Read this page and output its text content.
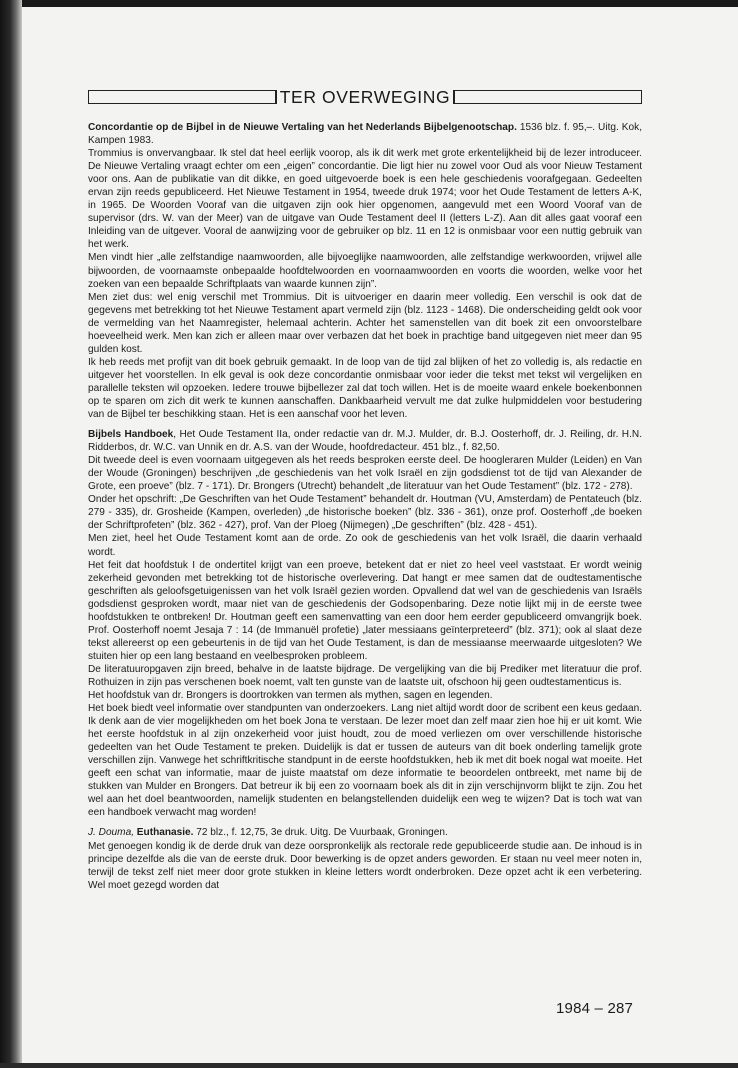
TER OVERWEGING

Concordantie op de Bijbel in de Nieuwe Vertaling van het Nederlands Bijbelgenootschap. 1536 blz. f. 95,–. Uitg. Kok, Kampen 1983.

Trommius is onvervangbaar. Ik stel dat heel eerlijk voorop, als ik dit werk met grote erkentelijkheid bij de lezer introduceer. De Nieuwe Vertaling vraagt echter om een „eigen” concordantie. Die ligt hier nu zowel voor Oud als voor Nieuw Testament voor ons. Aan de publikatie van dit dikke, en goed uitgevoerde boek is een hele geschiedenis voorafgegaan. Gedeelten ervan zijn reeds gepubliceerd. Het Nieuwe Testament in 1954, tweede druk 1974; voor het Oude Testament de letters A-K, in 1965. De Woorden Vooraf van die uitgaven zijn ook hier opgenomen, aangevuld met een Woord Vooraf van de supervisor (drs. W. van der Meer) van de uitgave van Oude Testament deel II (letters L-Z). Aan dit alles gaat vooraf een Inleiding van de uitgever. Vooral de aanwijzing voor de gebruiker op blz. 11 en 12 is onmisbaar voor een nuttig gebruik van het werk.

Men vindt hier „alle zelfstandige naamwoorden, alle bijvoeglijke naamwoorden, alle zelfstandige werkwoorden, vrijwel alle bijwoorden, de voornaamste onbepaalde hoofdtelwoorden en voornaamwoorden en voorts die woorden, welke voor het zoeken van een bepaalde Schriftplaats van waarde kunnen zijn”.

Men ziet dus: wel enig verschil met Trommius. Dit is uitvoeriger en daarin meer volledig. Een verschil is ook dat de gegevens met betrekking tot het Nieuwe Testament apart vermeld zijn (blz. 1123 - 1468). Die onderscheiding geldt ook voor de vermelding van het Naamregister, helemaal achterin. Achter het samenstellen van dit boek zit een onvoorstelbare hoeveelheid werk. Men kan zich er alleen maar over verbazen dat het boek in prachtige band uitgegeven niet meer dan 95 gulden kost.

Ik heb reeds met profijt van dit boek gebruik gemaakt. In de loop van de tijd zal blijken of het zo volledig is, als redactie en uitgever het voorstellen. In elk geval is ook deze concordantie onmisbaar voor ieder die tekst met tekst wil vergelijken en parallelle teksten wil opzoeken. Iedere trouwe bijbellezer zal dat toch willen. Het is de moeite waard enkele boekenbonnen op te sparen om zich dit werk te kunnen aanschaffen. Dankbaarheid vervult me dat zulke hulpmiddelen voor bestudering van de Bijbel ter beschikking staan. Het is een aanschaf voor het leven.

Bijbels Handboek, Het Oude Testament IIa, onder redactie van dr. M.J. Mulder, dr. B.J. Oosterhoff, dr. J. Reiling, dr. H.N. Ridderbos, dr. W.C. van Unnik en dr. A.S. van der Woude, hoofdredacteur. 451 blz., f. 82,50.

Dit tweede deel is even voornaam uitgegeven als het reeds besproken eerste deel. De hoogleraren Mulder (Leiden) en Van der Woude (Groningen) beschrijven „de geschiedenis van het volk Israël en zijn godsdienst tot de tijd van Alexander de Grote, een proeve” (blz. 7 - 171). Dr. Brongers (Utrecht) behandelt „de literatuur van het Oude Testament” (blz. 172 - 278).

Onder het opschrift: „De Geschriften van het Oude Testament” behandelt dr. Houtman (VU, Amsterdam) de Pentateuch (blz. 279 - 335), dr. Grosheide (Kampen, overleden) „de historische boeken” (blz. 336 - 361), onze prof. Oosterhoff „de boeken der Schriftprofeten” (blz. 362 - 427), prof. Van der Ploeg (Nijmegen) „De geschriften” (blz. 428 - 451).

Men ziet, heel het Oude Testament komt aan de orde. Zo ook de geschiedenis van het volk Israël, die daarin verhaald wordt.

Het feit dat hoofdstuk I de ondertitel krijgt van een proeve, betekent dat er niet zo heel veel vaststaat. Er wordt weinig zekerheid gevonden met betrekking tot de historische overlevering. Dat hangt er mee samen dat de oudtestamentische geschriften als geloofsgetuigenissen van het volk Israël gezien worden. Opvallend dat wel van de geschiedenis van Israëls godsdienst gesproken wordt, maar niet van de geschiedenis der Godsopenbaring. Deze notie lijkt mij in de eerste twee hoofdstukken te ontbreken! Dr. Houtman geeft een samenvatting van een door hem eerder gepubliceerd omvangrijk boek. Prof. Oosterhoff noemt Jesaja 7 : 14 (de Immanuël profetie) „later messiaans geïnterpreteerd” (blz. 371); ook al slaat deze tekst allereerst op een gebeurtenis in de tijd van het Oude Testament, is dan de messiaanse meerwaarde uitgesloten? We stuiten hier op een lang bestaand en veelbesproken probleem.

De literatuuropgaven zijn breed, behalve in de laatste bijdrage. De vergelijking van die bij Prediker met literatuur die prof. Rothuizen in zijn pas verschenen boek noemt, valt ten gunste van de laatste uit, ofschoon hij geen oudtestamenticus is.

Het hoofdstuk van dr. Brongers is doortrokken van termen als mythen, sagen en legenden.

Het boek biedt veel informatie over standpunten van onderzoekers. Lang niet altijd wordt door de scribent een keus gedaan. Ik denk aan de vier mogelijkheden om het boek Jona te verstaan. De lezer moet dan zelf maar zien hoe hij er uit komt. Wie het eerste hoofdstuk in al zijn onzekerheid voor juist houdt, zou de moed verliezen om over verschillende historische gedeelten van het Oude Testament te preken. Duidelijk is dat er tussen de auteurs van dit boek onderling tamelijk grote verschillen zijn. Vanwege het schriftkritische standpunt in de eerste hoofdstukken, heb ik met dit boek nogal wat moeite. Het geeft een schat van informatie, maar de juiste maatstaf om deze informatie te beoordelen ontbreekt, met name bij de stukken van Mulder en Brongers. Dat betreur ik bij een zo voornaam boek als dit in zijn verschijnvorm blijkt te zijn. Zou het wel aan het doel beantwoorden, namelijk studenten en belangstellenden duidelijk een weg te wijzen? Dat is toch wat van een handboek verwacht mag worden!

J. Douma, Euthanasie. 72 blz., f. 12,75, 3e druk. Uitg. De Vuurbaak, Groningen.

Met genoegen kondig ik de derde druk van deze oorspronkelijk als rectorale rede gepubliceerde studie aan. De inhoud is in principe dezelfde als die van de eerste druk. Door bewerking is de opzet anders geworden. Er staan nu veel meer noten in, terwijl de tekst zelf niet meer door grote stukken in kleine letters wordt onderbroken. Deze opzet acht ik een verbetering. Wel moet gezegd worden dat

1984 – 287
